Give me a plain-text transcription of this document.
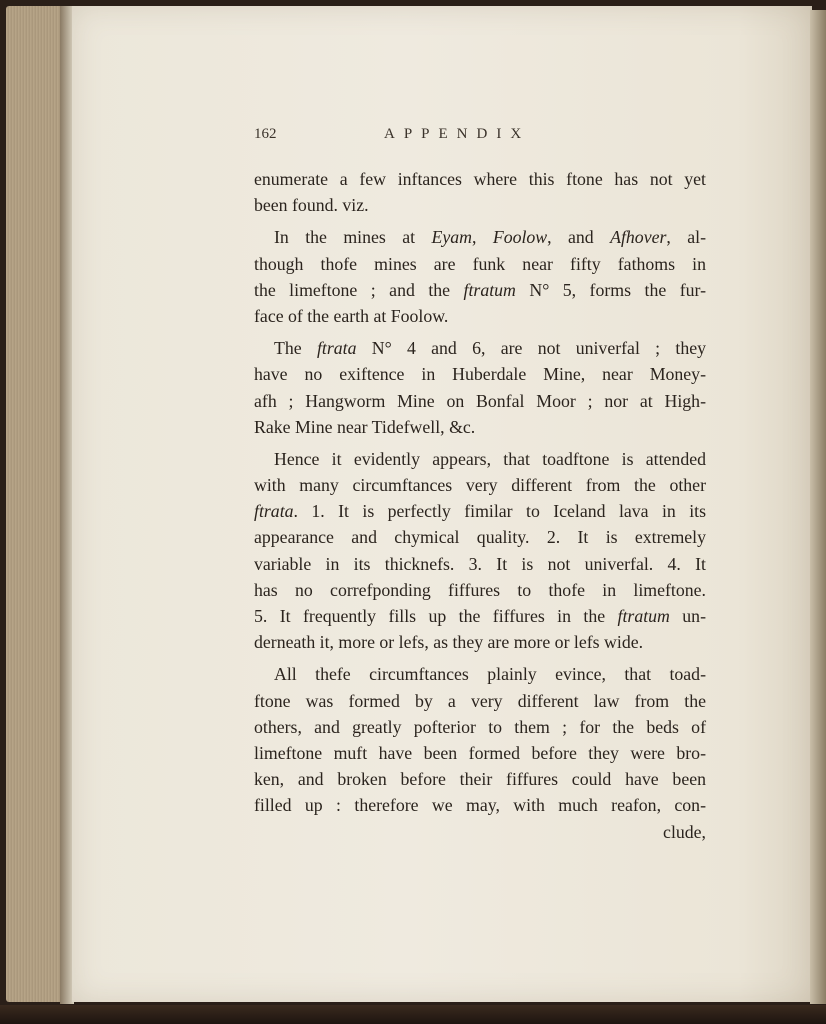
162	APPENDIX
enumerate a few inftances where this ftone has not yet
been found. viz.
In the mines at Eyam, Foolow, and Afhover, al-
though thofe mines are funk near fifty fathoms in
the limeftone ; and the ftratum N° 5, forms the fur-
face of the earth at Foolow.
The ftrata N° 4 and 6, are not univerfal ; they
have no exiftence in Huberdale Mine, near Money-
afh ; Hangworm Mine on Bonfal Moor ; nor at High-
Rake Mine near Tidefwell, &c.
Hence it evidently appears, that toadftone is attended
with many circumftances very different from the other
ftrata. 1. It is perfectly fimilar to Iceland lava in its
appearance and chymical quality. 2. It is extremely
variable in its thicknefs. 3. It is not univerfal. 4. It
has no correfponding fiffures to thofe in limeftone.
5. It frequently fills up the fiffures in the ftratum un-
derneath it, more or lefs, as they are more or lefs wide.
All thefe circumftances plainly evince, that toad-
ftone was formed by a very different law from the
others, and greatly pofterior to them ; for the beds of
limeftone muft have been formed before they were bro-
ken, and broken before their fiffures could have been
filled up : therefore we may, with much reafon, con-
clude,
